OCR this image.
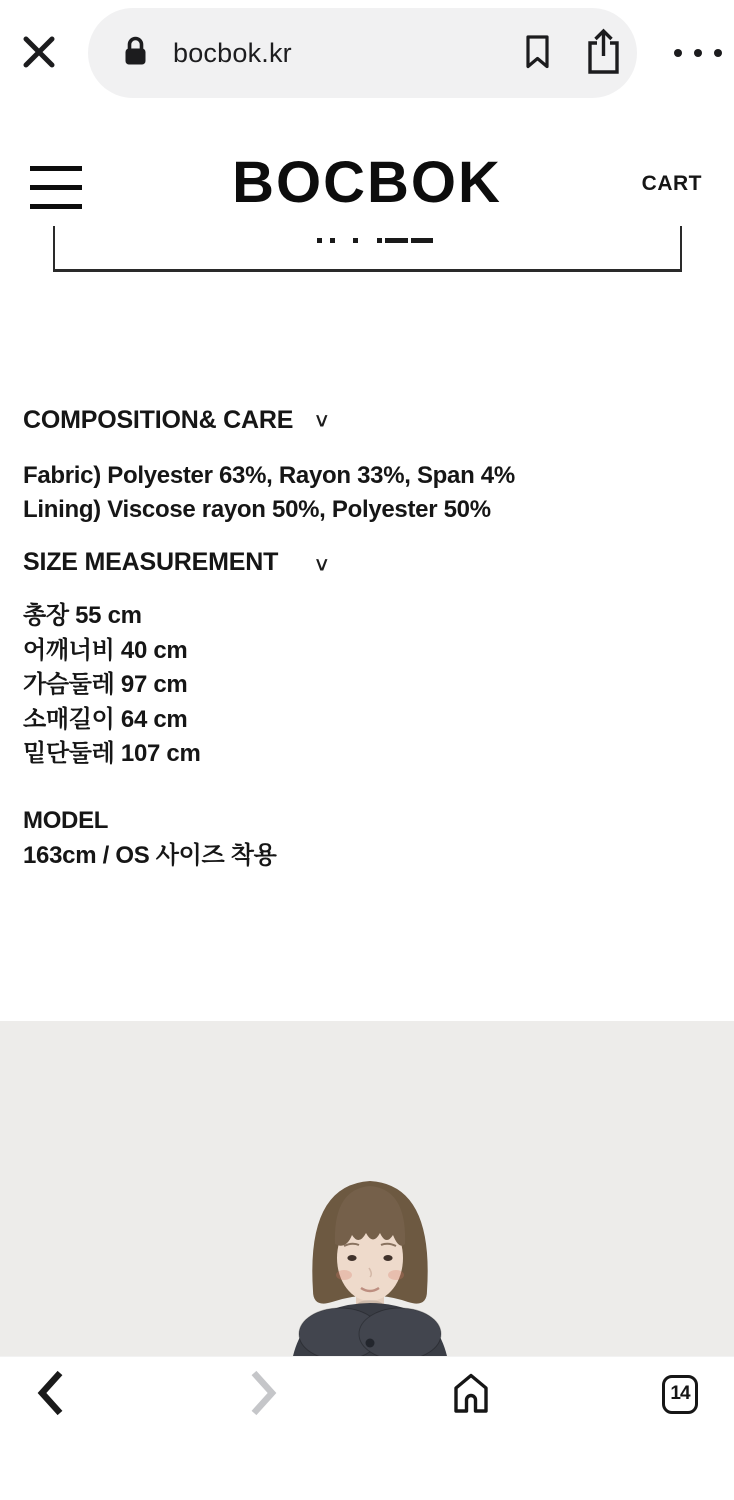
bocbok.kr
BOCBOK	CART
COMPOSITION& CARE ∨
Fabric) Polyester 63%, Rayon 33%, Span 4%
Lining) Viscose rayon 50%, Polyester 50%
SIZE MEASUREMENT ∨
총장 55 cm
어깨너비 40 cm
가슴둘레 97 cm
소매길이 64 cm
밑단둘레 107 cm
MODEL
163cm / OS 사이즈 착용
14
